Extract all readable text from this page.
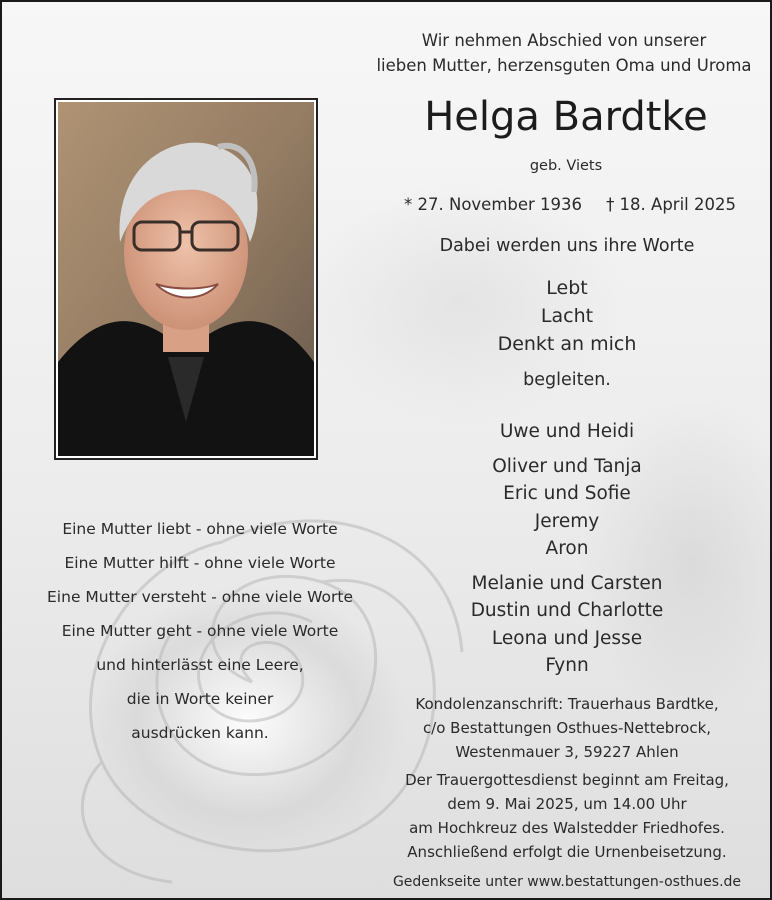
Wir nehmen Abschied von unserer
lieben Mutter, herzensguten Oma und Uroma
Helga Bardtke
geb. Viets
* 27. November 1936 † 18. April 2025
Dabei werden uns ihre Worte
Lebt
Lacht
Denkt an mich
begleiten.
Uwe und Heidi
Oliver und Tanja
Eric und Sofie
Jeremy
Aron
Melanie und Carsten
Dustin und Charlotte
Leona und Jesse
Fynn
Eine Mutter liebt - ohne viele Worte
Eine Mutter hilft - ohne viele Worte
Eine Mutter versteht - ohne viele Worte
Eine Mutter geht - ohne viele Worte
und hinterlässt eine Leere,
die in Worte keiner
ausdrücken kann.
Kondolenzanschrift: Trauerhaus Bardtke,
c/o Bestattungen Osthues-Nettebrock,
Westenmauer 3, 59227 Ahlen
Der Trauergottesdienst beginnt am Freitag,
dem 9. Mai 2025, um 14.00 Uhr
am Hochkreuz des Walstedder Friedhofes.
Anschließend erfolgt die Urnenbeisetzung.
Gedenkseite unter www.bestattungen-osthues.de
